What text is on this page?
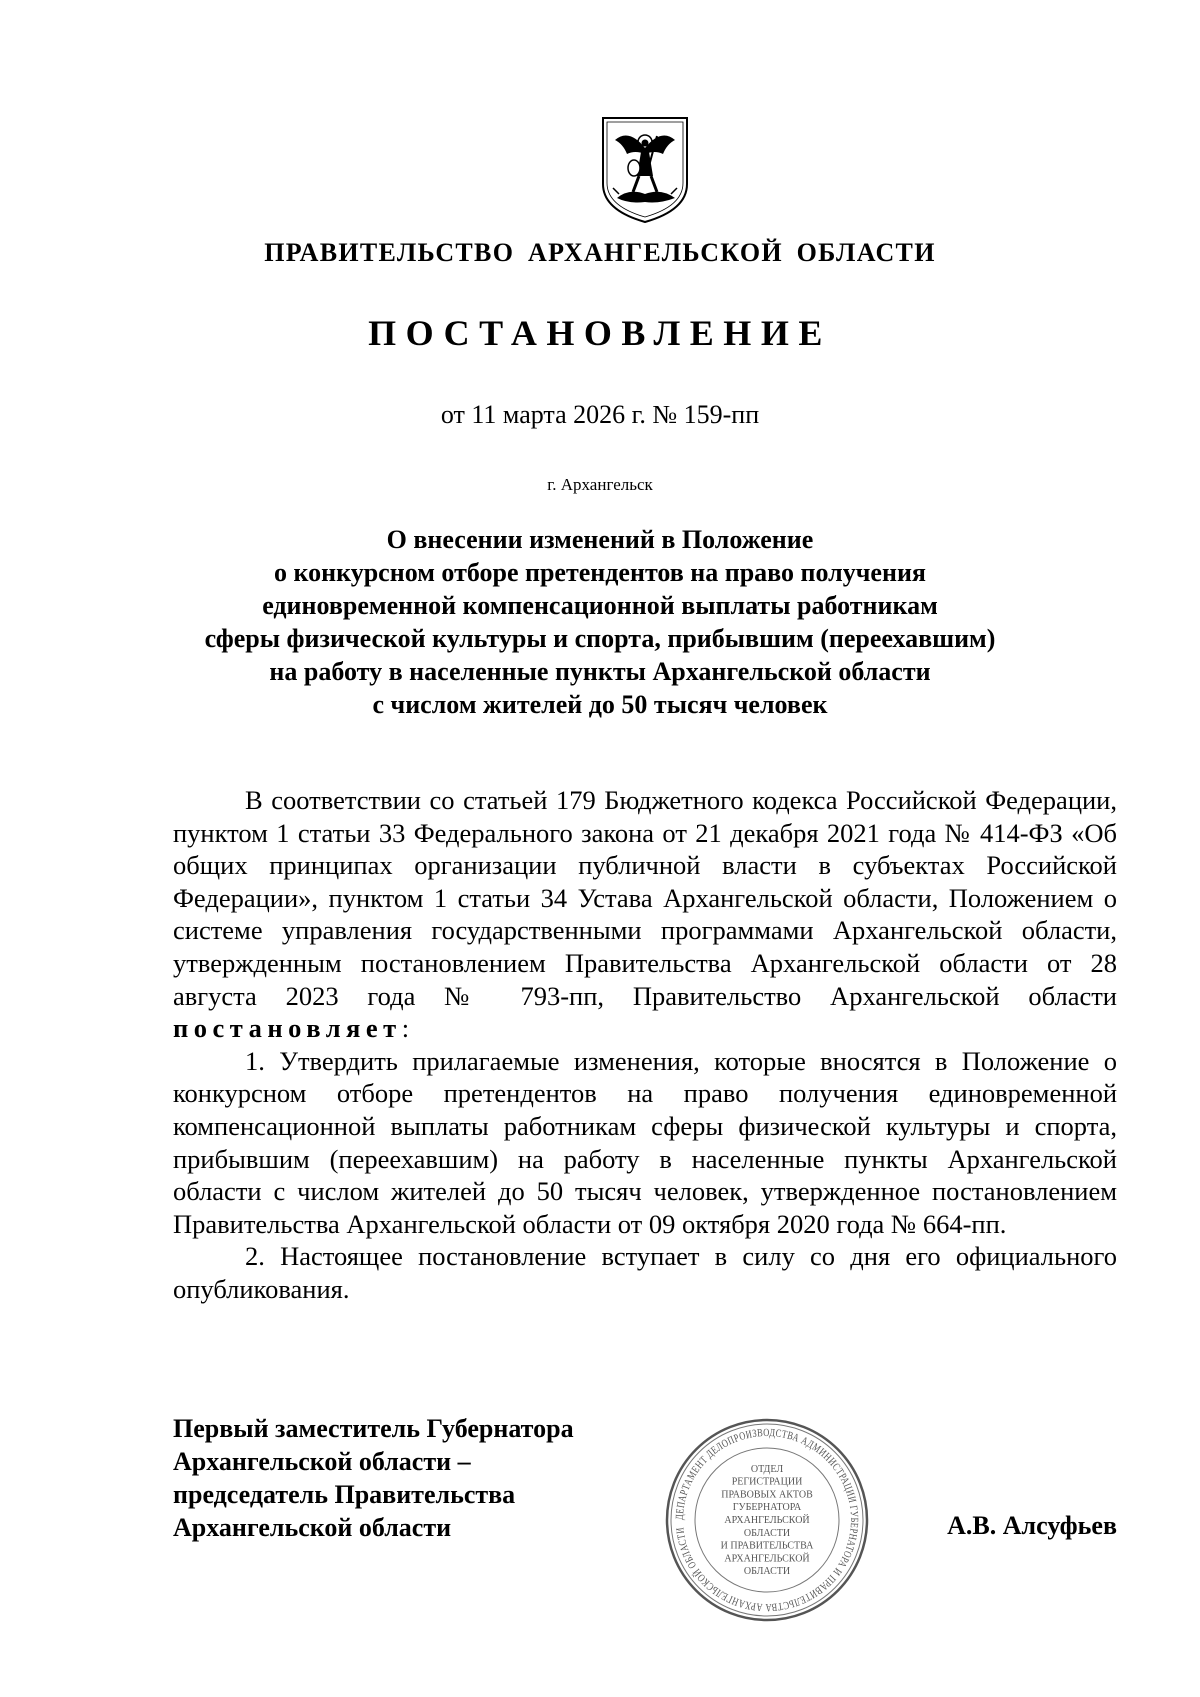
ПРАВИТЕЛЬСТВО АРХАНГЕЛЬСКОЙ ОБЛАСТИ
ПОСТАНОВЛЕНИЕ
от 11 марта 2026 г. № 159-пп
г. Архангельск
О внесении изменений в Положение
о конкурсном отборе претендентов на право получения
единовременной компенсационной выплаты работникам
сферы физической культуры и спорта, прибывшим (переехавшим)
на работу в населенные пункты Архангельской области
с числом жителей до 50 тысяч человек

В соответствии со статьей 179 Бюджетного кодекса Российской Федерации, пунктом 1 статьи 33 Федерального закона от 21 декабря 2021 года № 414-ФЗ «Об общих принципах организации публичной власти в субъектах Российской Федерации», пунктом 1 статьи 34 Устава Архангельской области, Положением о системе управления государственными программами Архангельской области, утвержденным постановлением Правительства Архангельской области от 28 августа 2023 года № 793-пп, Правительство Архангельской области постановляет:

1. Утвердить прилагаемые изменения, которые вносятся в Положение о конкурсном отборе претендентов на право получения единовременной компенсационной выплаты работникам сферы физической культуры и спорта, прибывшим (переехавшим) на работу в населенные пункты Архангельской области с числом жителей до 50 тысяч человек, утвержденное постановлением Правительства Архангельской области от 09 октября 2020 года № 664-пп.

2. Настоящее постановление вступает в силу со дня его официального опубликования.

Первый заместитель Губернатора
Архангельской области –
председатель Правительства
Архангельской области	ДЕПАРТАМЕНТ ДЕЛОПРОИЗВОДСТВА АДМИНИСТРАЦИИ ГУБЕРНАТОРА И ПРАВИТЕЛЬСТВА АРХАНГЕЛЬСКОЙ ОБЛАСТИ
ОТДЕЛ
РЕГИСТРАЦИИ
ПРАВОВЫХ АКТОВ
ГУБЕРНАТОРА
АРХАНГЕЛЬСКОЙ
ОБЛАСТИ
И ПРАВИТЕЛЬСТВА
АРХАНГЕЛЬСКОЙ
ОБЛАСТИ
А.В. Алсуфьев
